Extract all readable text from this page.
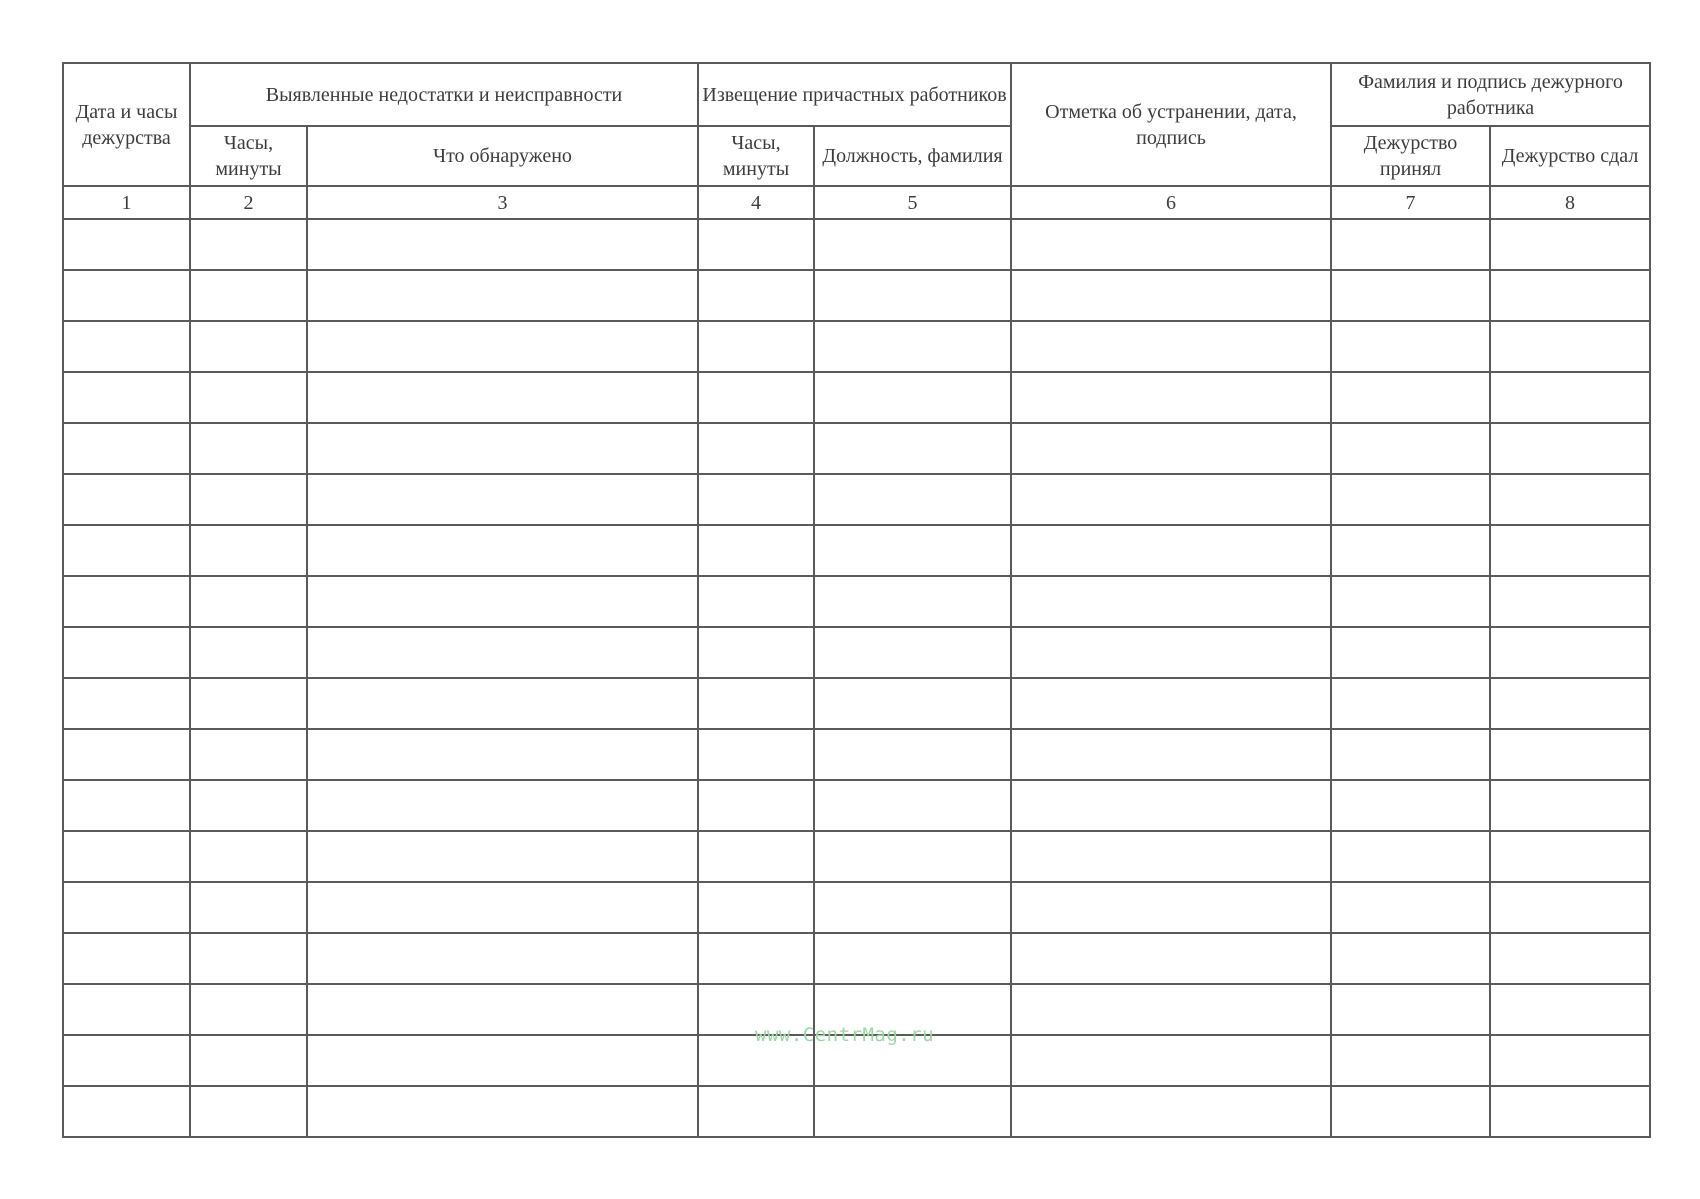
Дата и часы дежурства	Выявленные недостатки и неисправности		Извещение причастных работников		Отметка об устранении, дата, подпись	Фамилия и подпись дежурного работника	
	Часы, минуты	Что обнаружено	Часы, минуты	Должность, фамилия		Дежурство принял	Дежурство сдал
1	2	3	4	5	6	7	8

www.CentrMag.ru
